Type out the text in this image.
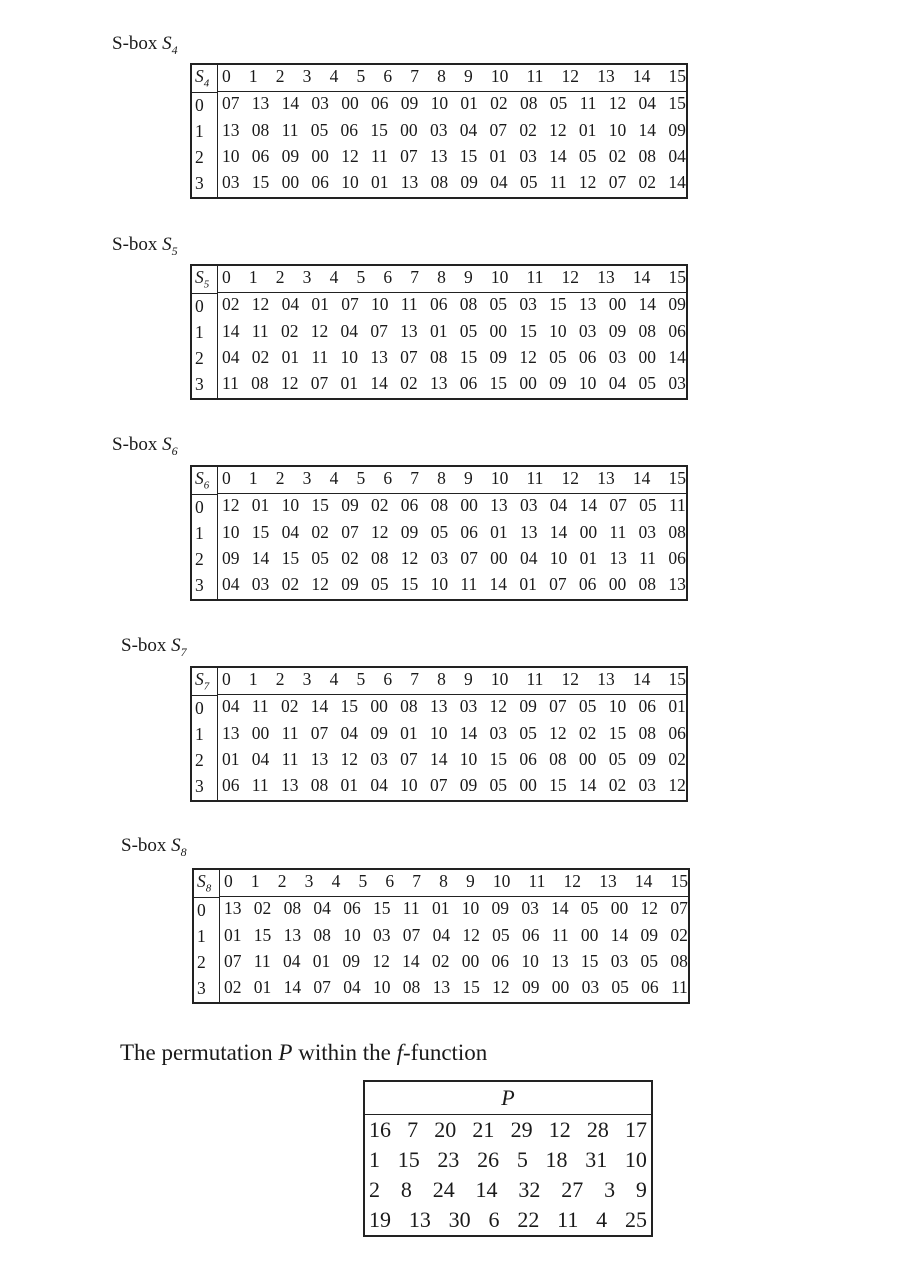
S-box $S_4$
$S_4$	0 1 2 3 4 5 6 7 8 9 10 11 12 13 14 15

0	07 13 14 03 00 06 09 10 01 02 08 05 11 12 04 15

1	13 08 11 05 06 15 00 03 04 07 02 12 01 10 14 09

2	10 06 09 00 12 11 07 13 15 01 03 14 05 02 08 04

3	03 15 00 06 10 01 13 08 09 04 05 11 12 07 02 14
S-box $S_5$
$S_5$	0 1 2 3 4 5 6 7 8 9 10 11 12 13 14 15

0	02 12 04 01 07 10 11 06 08 05 03 15 13 00 14 09

1	14 11 02 12 04 07 13 01 05 00 15 10 03 09 08 06

2	04 02 01 11 10 13 07 08 15 09 12 05 06 03 00 14

3	11 08 12 07 01 14 02 13 06 15 00 09 10 04 05 03
S-box $S_6$
$S_6$	0 1 2 3 4 5 6 7 8 9 10 11 12 13 14 15

0	12 01 10 15 09 02 06 08 00 13 03 04 14 07 05 11

1	10 15 04 02 07 12 09 05 06 01 13 14 00 11 03 08

2	09 14 15 05 02 08 12 03 07 00 04 10 01 13 11 06

3	04 03 02 12 09 05 15 10 11 14 01 07 06 00 08 13
S-box $S_7$
$S_7$	0 1 2 3 4 5 6 7 8 9 10 11 12 13 14 15

0	04 11 02 14 15 00 08 13 03 12 09 07 05 10 06 01

1	13 00 11 07 04 09 01 10 14 03 05 12 02 15 08 06

2	01 04 11 13 12 03 07 14 10 15 06 08 00 05 09 02

3	06 11 13 08 01 04 10 07 09 05 00 15 14 02 03 12
S-box $S_8$
$S_8$	0 1 2 3 4 5 6 7 8 9 10 11 12 13 14 15

0	13 02 08 04 06 15 11 01 10 09 03 14 05 00 12 07

1	01 15 13 08 10 03 07 04 12 05 06 11 00 14 09 02

2	07 11 04 01 09 12 14 02 00 06 10 13 15 03 05 08

3	02 01 14 07 04 10 08 13 15 12 09 00 03 05 06 11
The permutation P within the f-function
P

16 7 20 21 29 12 28 17

1 15 23 26 5 18 31 10

2 8 24 14 32 27 3 9

19 13 30 6 22 11 4 25
